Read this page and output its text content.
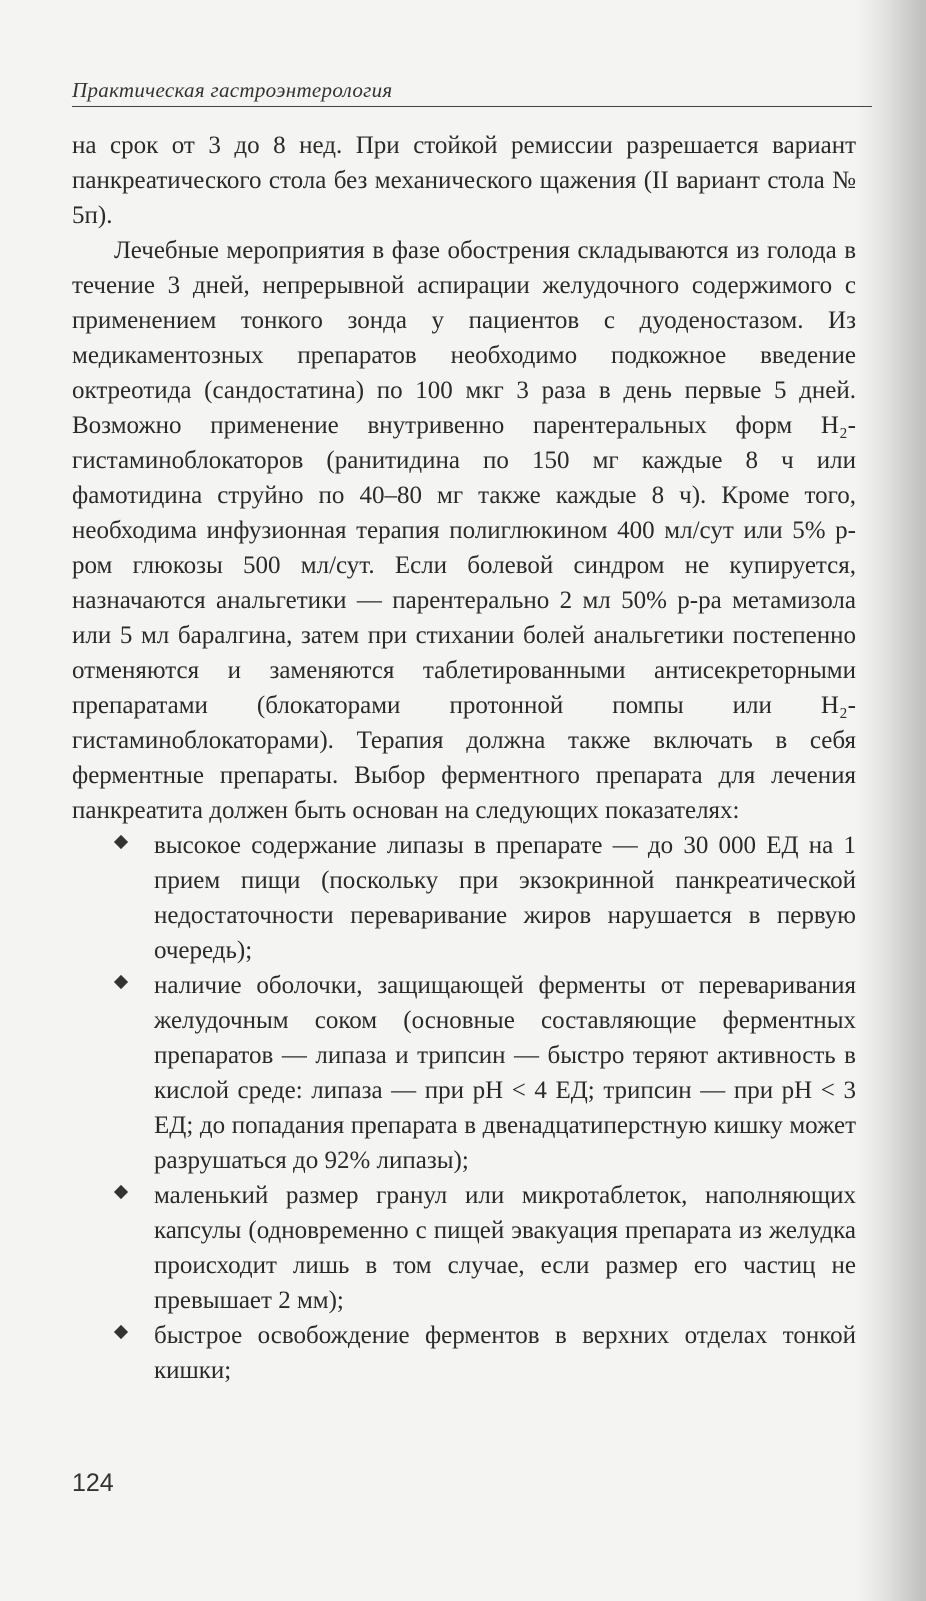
Практическая гастроэнтерология

на срок от 3 до 8 нед. При стойкой ремиссии разрешается вариант панкреатического стола без механического щажения (II вариант стола № 5п).

Лечебные мероприятия в фазе обострения складываются из голода в течение 3 дней, непрерывной аспирации желудочного содержимого с применением тонкого зонда у пациентов с дуоденостазом. Из медикаментозных препаратов необходимо подкожное введение октреотида (сандостатина) по 100 мкг 3 раза в день первые 5 дней. Возможно применение внутривенно парентеральных форм H₂-гистаминоблокаторов (ранитидина по 150 мг каждые 8 ч или фамотидина струйно по 40–80 мг также каждые 8 ч). Кроме того, необходима инфузионная терапия полиглюкином 400 мл/сут или 5% р-ром глюкозы 500 мл/сут. Если болевой синдром не купируется, назначаются анальгетики — парентерально 2 мл 50% р-ра метамизола или 5 мл баралгина, затем при стихании болей анальгетики постепенно отменяются и заменяются таблетированными антисекреторными препаратами (блокаторами протонной помпы или H₂-гистаминоблокаторами). Терапия должна также включать в себя ферментные препараты. Выбор ферментного препарата для лечения панкреатита должен быть основан на следующих показателях:

высокое содержание липазы в препарате — до 30 000 ЕД на 1 прием пищи (поскольку при экзокринной панкреатической недостаточности переваривание жиров нарушается в первую очередь);
наличие оболочки, защищающей ферменты от переваривания желудочным соком (основные составляющие ферментных препаратов — липаза и трипсин — быстро теряют активность в кислой среде: липаза — при pH < 4 ЕД; трипсин — при pH < 3 ЕД; до попадания препарата в двенадцатиперстную кишку может разрушаться до 92% липазы);
маленький размер гранул или микротаблеток, наполняющих капсулы (одновременно с пищей эвакуация препарата из желудка происходит лишь в том случае, если размер его частиц не превышает 2 мм);
быстрое освобождение ферментов в верхних отделах тонкой кишки;
124
